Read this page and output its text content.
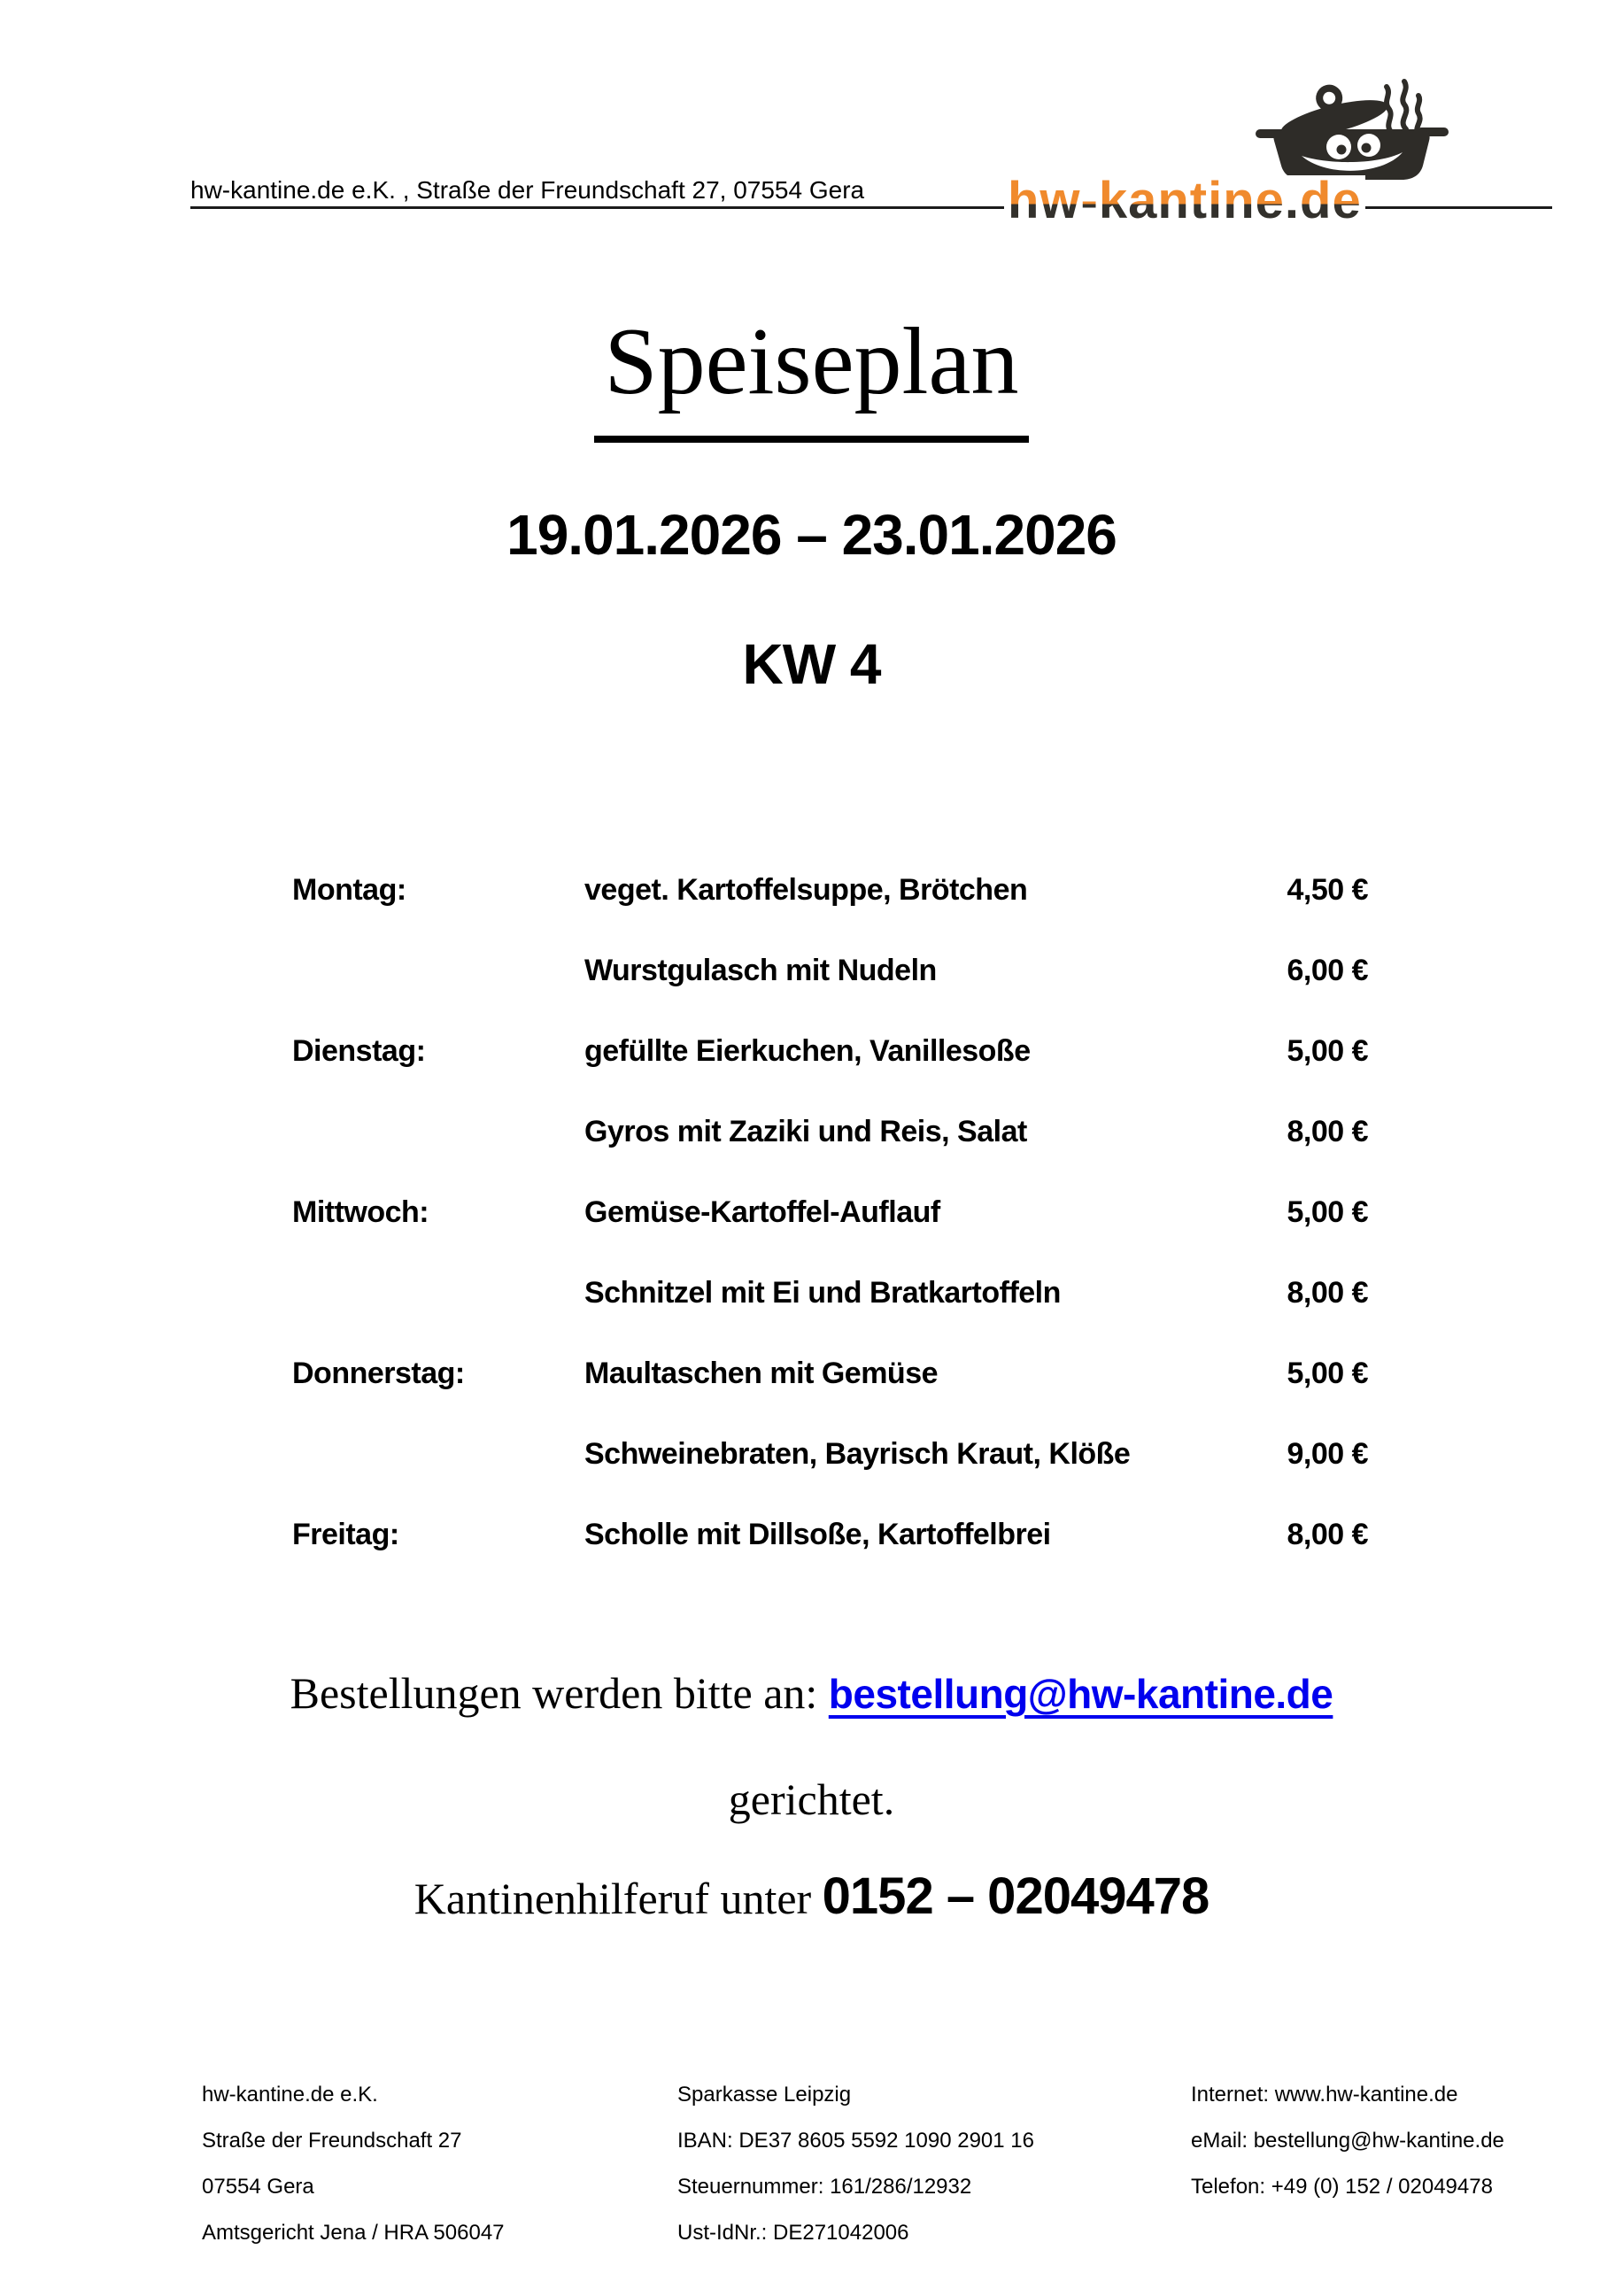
hw-kantine.de e.K. , Straße der Freundschaft 27, 07554 Gera	hw-kantine.de
Speiseplan
19.01.2026 – 23.01.2026
KW 4
Montag:	veget. Kartoffelsuppe, Brötchen	4,50 €
Wurstgulasch mit Nudeln	6,00 €
Dienstag:	gefüllte Eierkuchen, Vanillesoße	5,00 €
Gyros mit Zaziki und Reis, Salat	8,00 €
Mittwoch:	Gemüse-Kartoffel-Auflauf	5,00 €
Schnitzel mit Ei und Bratkartoffeln	8,00 €
Donnerstag:	Maultaschen mit Gemüse	5,00 €
Schweinebraten, Bayrisch Kraut, Klöße	9,00 €
Freitag:	Scholle mit Dillsoße, Kartoffelbrei	8,00 €
Bestellungen werden bitte an: bestellung@hw-kantine.de
gerichtet.
Kantinenhilferuf unter 0152 – 02049478
hw-kantine.de e.K.
Straße der Freundschaft 27
07554 Gera
Amtsgericht Jena / HRA 506047
Sparkasse Leipzig
IBAN: DE37 8605 5592 1090 2901 16
Steuernummer: 161/286/12932
Ust-IdNr.: DE271042006
Internet: www.hw-kantine.de
eMail: bestellung@hw-kantine.de
Telefon: +49 (0) 152 / 02049478
